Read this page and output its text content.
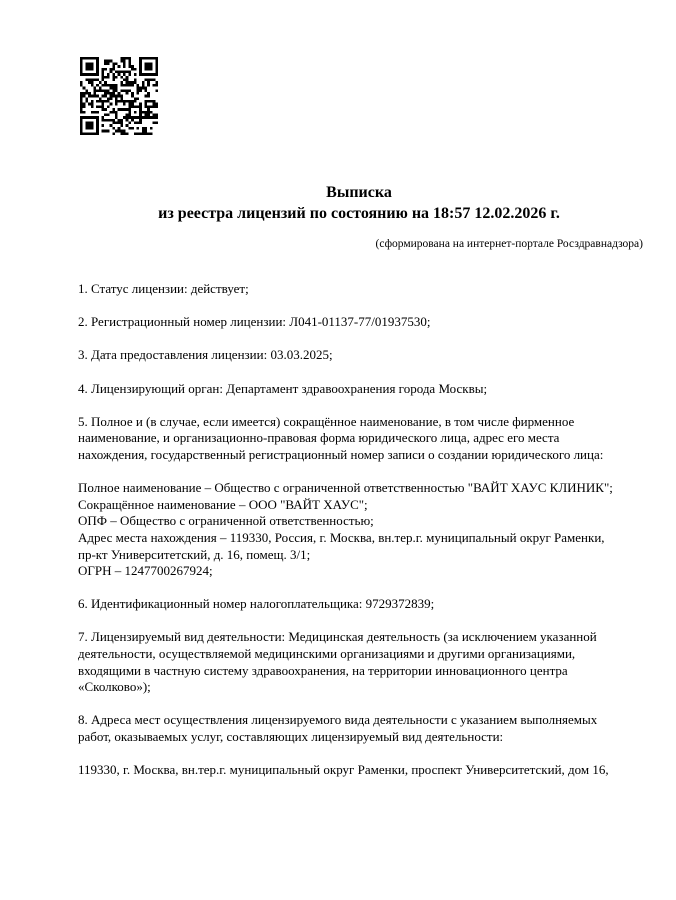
Выписка
из реестра лицензий по состоянию на 18:57 12.02.2026 г.
(сформирована на интернет-портале Росздравнадзора)

1. Статус лицензии: действует;

2. Регистрационный номер лицензии: Л041-01137-77/01937530;

3. Дата предоставления лицензии: 03.03.2025;

4. Лицензирующий орган: Департамент здравоохранения города Москвы;

5. Полное и (в случае, если имеется) сокращённое наименование, в том числе фирменное
наименование, и организационно-правовая форма юридического лица, адрес его места
нахождения, государственный регистрационный номер записи о создании юридического лица:

Полное наименование – Общество с ограниченной ответственностью "ВАЙТ ХАУС КЛИНИК";
Сокращённое наименование – ООО "ВАЙТ ХАУС";
ОПФ – Общество с ограниченной ответственностью;
Адрес места нахождения – 119330, Россия, г. Москва, вн.тер.г. муниципальный округ Раменки,
пр-кт Университетский, д. 16, помещ. 3/1;
ОГРН – 1247700267924;

6. Идентификационный номер налогоплательщика: 9729372839;

7. Лицензируемый вид деятельности: Медицинская деятельность (за исключением указанной
деятельности, осуществляемой медицинскими организациями и другими организациями,
входящими в частную систему здравоохранения, на территории инновационного центра
«Сколково»);

8. Адреса мест осуществления лицензируемого вида деятельности с указанием выполняемых
работ, оказываемых услуг, составляющих лицензируемый вид деятельности:

119330, г. Москва, вн.тер.г. муниципальный округ Раменки, проспект Университетский, дом 16,
